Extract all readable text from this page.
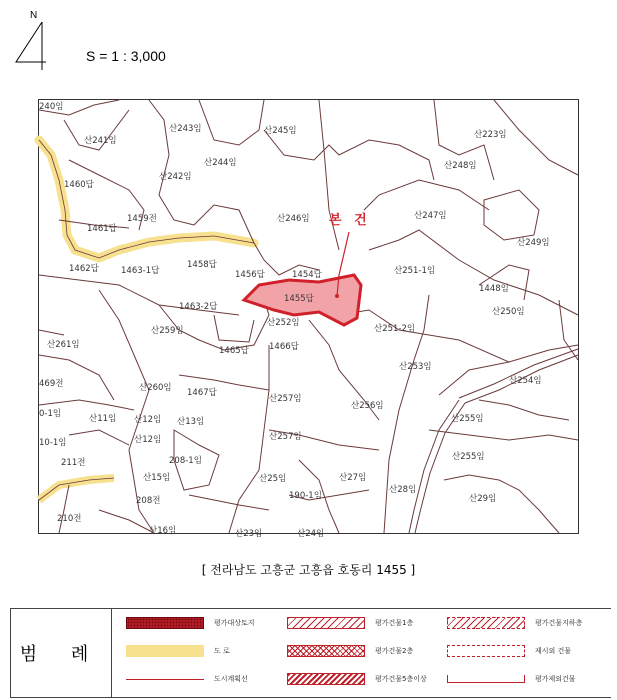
N
S = 1 : 3,000
본 건
240임
산241임
산243임	산245임	산223임
1460답
산242임
산244임	산248임
1461답
1459전	산246임	산247임
산249임
1462답	1463-1답
1458답
1456답	1454답	산251-1임
1448임
1455답
산250임
1463-2답
산252임
산251-2임
산259임
산261임
1465답 1466답
산253임
산254임
469전	산260임 1467답
산257임
산256임
0-1임	산11임 산12임 산13임	산255임
10-1임	산12임	산257임
208-1임
211전
산255임
산15임	산25임	산27임
산28임
190-1임
208전	산29임
210전
산16임	산23임	산24임
[ 전라남도 고흥군 고흥읍 호동리 1455 ]
범 례
평가대상토지	평가건물1층	평가건물지하층
도 로	평가건물2층	제시외 건물
도시계획선	평가건물5층이상	평가제외건물
